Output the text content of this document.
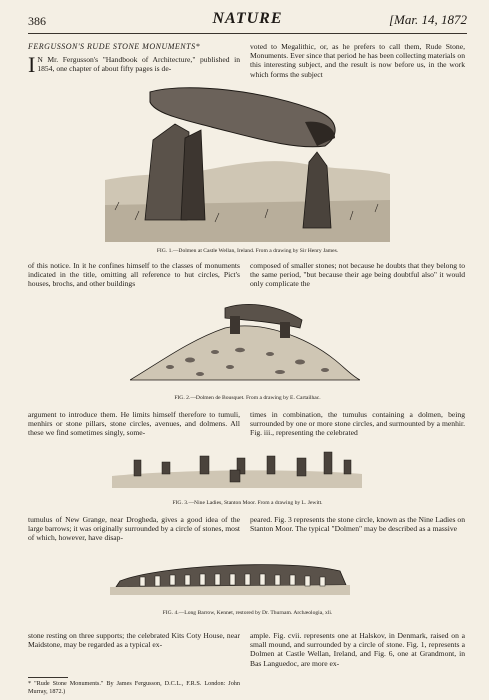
386	NATURE	[Mar. 14, 1872
FERGUSSON'S RUDE STONE MONUMENTS*

I N Mr. Fergusson's "Handbook of Architecture," published in 1854, one chapter of about fifty pages is de-

voted to Megalithic, or, as he prefers to call them, Rude Stone, Monuments. Ever since that period he has been collecting materials on this interesting subject, and the result is now before us, in the work which forms the subject

FIG. 1.—Dolmen at Castle Wellan, Ireland. From a drawing by Sir Henry James.

of this notice. In it he confines himself to the classes of monuments indicated in the title, omitting all reference to hut circles, Pict's houses, brochs, and other buildings

composed of smaller stones; not because he doubts that they belong to the same period, "but because their age being doubtful also" it would only complicate the

FIG. 2.—Dolmen de Bousquet. From a drawing by E. Cartailhac.

argument to introduce them. He limits himself therefore to tumuli, menhirs or stone pillars, stone circles, avenues, and dolmens. All these we find sometimes singly, some-

times in combination, the tumulus containing a dolmen, being surrounded by one or more stone circles, and surmounted by a menhir. Fig. iii., representing the celebrated

FIG. 3.—Nine Ladies, Stanton Moor. From a drawing by L. Jewitt.

tumulus of New Grange, near Drogheda, gives a good idea of the large barrows; it was originally surrounded by a circle of stones, most of which, however, have disap-

peared. Fig. 3 represents the stone circle, known as the Nine Ladies on Stanton Moor. The typical "Dolmen" may be described as a massive

FIG. 4.—Long Barrow, Kennet, restored by Dr. Thurnam. Archæologia, xli.

stone resting on three supports; the celebrated Kits Coty House, near Maidstone, may be regarded as a typical ex-

ample. Fig. cvii. represents one at Halskov, in Denmark, raised on a small mound, and surrounded by a circle of stone. Fig. 1, represents a Dolmen at Castle Wellan, Ireland, and Fig. 6, one at Grandmont, in Bas Languedoc, are more ex-

* "Rude Stone Monuments." By James Fergusson, D.C.L., F.R.S. London: John Murray, 1872.)
